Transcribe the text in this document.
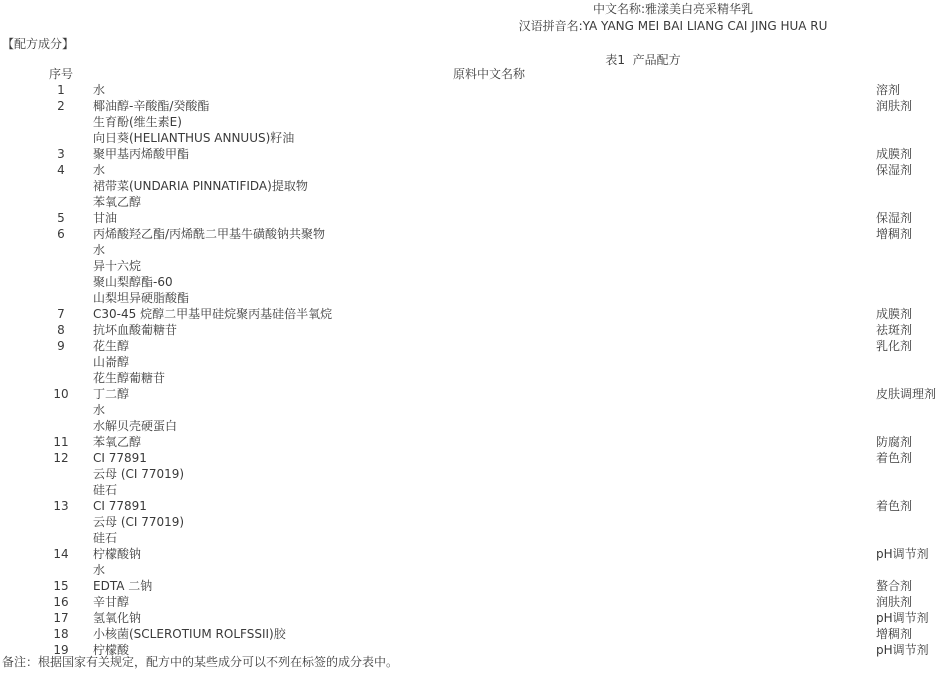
中文名称:雅漾美白亮采精华乳
汉语拼音名:YA YANG MEI BAI LIANG CAI JING HUA RU
【配方成分】
表1  产品配方
序号	原料中文名称
1	水	溶剂
2	椰油醇-辛酸酯/癸酸酯	润肤剂
生育酚(维生素E)
向日葵(HELIANTHUS ANNUUS)籽油
3	聚甲基丙烯酸甲酯	成膜剂
4	水	保湿剂
裙带菜(UNDARIA PINNATIFIDA)提取物
苯氧乙醇
5	甘油	保湿剂
6	丙烯酸羟乙酯/丙烯酰二甲基牛磺酸钠共聚物	增稠剂
水
异十六烷
聚山梨醇酯-60
山梨坦异硬脂酸酯
7	C30-45 烷醇二甲基甲硅烷聚丙基硅倍半氧烷	成膜剂
8	抗坏血酸葡糖苷	祛斑剂
9	花生醇	乳化剂
山嵛醇
花生醇葡糖苷
10	丁二醇	皮肤调理剂
水
水解贝壳硬蛋白
11	苯氧乙醇	防腐剂
12	CI 77891	着色剂
云母 (CI 77019)
硅石
13	CI 77891	着色剂
云母 (CI 77019)
硅石
14	柠檬酸钠	pH调节剂
水
15	EDTA 二钠	螯合剂
16	辛甘醇	润肤剂
17	氢氧化钠	pH调节剂
18	小核菌(SCLEROTIUM ROLFSSII)胶	增稠剂
19	柠檬酸	pH调节剂
备注：根据国家有关规定，配方中的某些成分可以不列在标签的成分表中。
